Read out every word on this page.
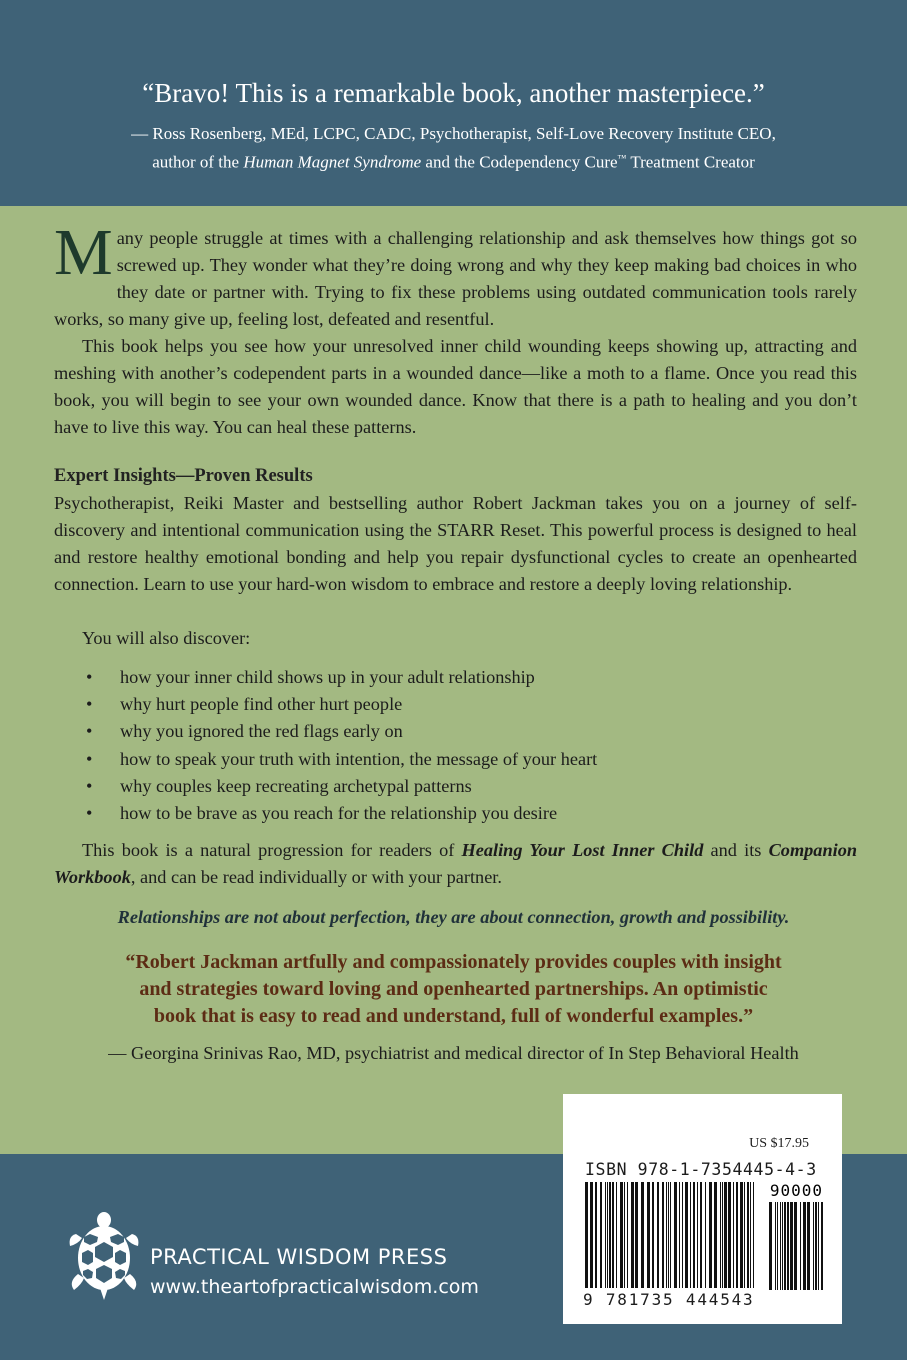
“Bravo! This is a remarkable book, another masterpiece.”
— Ross Rosenberg, MEd, LCPC, CADC, Psychotherapist, Self-Love Recovery Institute CEO,
author of the Human Magnet Syndrome and the Codependency Cure™ Treatment Creator

Many people struggle at times with a challenging relationship and ask themselves how things got so screwed up. They wonder what they’re doing wrong and why they keep making bad choices in who they date or partner with. Trying to fix these problems using outdated communication tools rarely works, so many give up, feeling lost, defeated and resentful.

This book helps you see how your unresolved inner child wounding keeps showing up, attracting and meshing with another’s codependent parts in a wounded dance—like a moth to a flame. Once you read this book, you will begin to see your own wounded dance. Know that there is a path to healing and you don’t have to live this way. You can heal these patterns.

Expert Insights—Proven Results

Psychotherapist, Reiki Master and bestselling author Robert Jackman takes you on a journey of self-discovery and intentional communication using the STARR Reset. This powerful process is designed to heal and restore healthy emotional bonding and help you repair dysfunctional cycles to create an openhearted connection. Learn to use your hard-won wisdom to embrace and restore a deeply loving relationship.

You will also discover:
• how your inner child shows up in your adult relationship
• why hurt people find other hurt people
• why you ignored the red flags early on
• how to speak your truth with intention, the message of your heart
• why couples keep recreating archetypal patterns
• how to be brave as you reach for the relationship you desire

This book is a natural progression for readers of Healing Your Lost Inner Child and its Companion Workbook, and can be read individually or with your partner.

Relationships are not about perfection, they are about connection, growth and possibility.
“Robert Jackman artfully and compassionately provides couples with insight
and strategies toward loving and openhearted partnerships. An optimistic
book that is easy to read and understand, full of wonderful examples.”
— Georgina Srinivas Rao, MD, psychiatrist and medical director of In Step Behavioral Health
PRACTICAL WISDOM PRESS
www.theartofpracticalwisdom.com
US $17.95
ISBN 978-1-7354445-4-3
90000
9 781735 444543
